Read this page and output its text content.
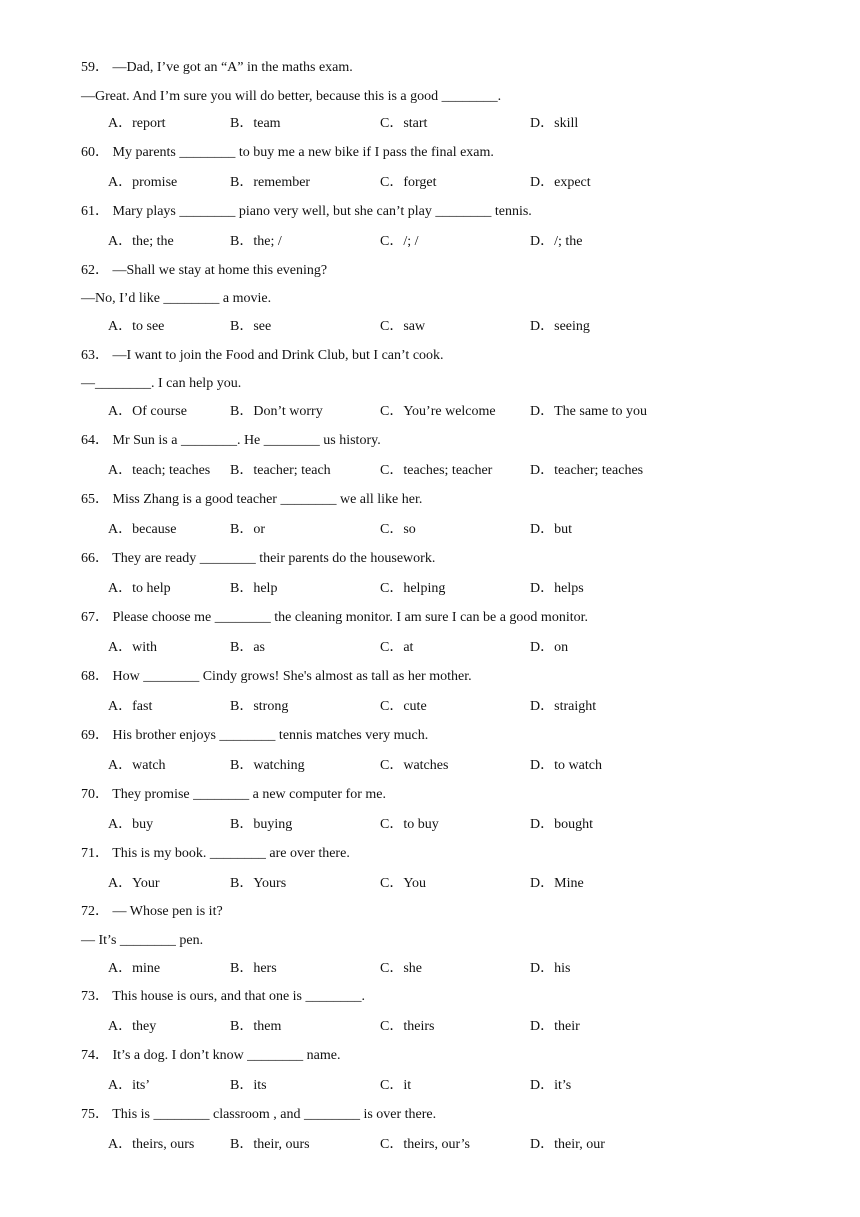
59． —Dad, I’ve got an “A” in the maths exam.
—Great. And I’m sure you will do better, because this is a good ________.
A．report	B．team	C．start	D．skill
60． My parents ________ to buy me a new bike if I pass the final exam.
A．promise	B．remember	C．forget	D．expect
61． Mary plays ________ piano very well, but she can’t play ________ tennis.
A．the; the	B．the; /	C．/; /	D．/; the
62． —Shall we stay at home this evening?
—No, I’d like ________ a movie.
A．to see	B．see	C．saw	D．seeing
63． —I want to join the Food and Drink Club, but I can’t cook.
—________. I can help you.
A．Of course	B．Don’t worry	C．You’re welcome D．The same to you
64． Mr Sun is a ________. He ________ us history.
A．teach; teaches B．teacher; teach	C．teaches; teacher	D．teacher; teaches
65． Miss Zhang is a good teacher ________ we all like her.
A．because	B．or	C．so	D．but
66． They are ready ________ their parents do the housework.
A．to help	B．help	C．helping	D．helps
67． Please choose me ________ the cleaning monitor. I am sure I can be a good monitor.
A．with	B．as	C．at	D．on
68． How ________ Cindy grows! She's almost as tall as her mother.
A．fast	B．strong	C．cute	D．straight
69． His brother enjoys ________ tennis matches very much.
A．watch	B．watching	C．watches	D．to watch
70． They promise ________ a new computer for me.
A．buy	B．buying	C．to buy	D．bought
71． This is my book. ________ are over there.
A．Your	B．Yours	C．You	D．Mine
72． — Whose pen is it?
— It’s ________ pen.
A．mine	B．hers	C．she	D．his
73． This house is ours, and that one is ________.
A．they	B．them	C．theirs	D．their
74． It’s a dog. I don’t know ________ name.
A．its’	B．its	C．it	D．it’s
75． This is ________ classroom , and ________ is over there.
A．theirs, ours	B．their, ours	C．theirs, our’s	D．their, our
